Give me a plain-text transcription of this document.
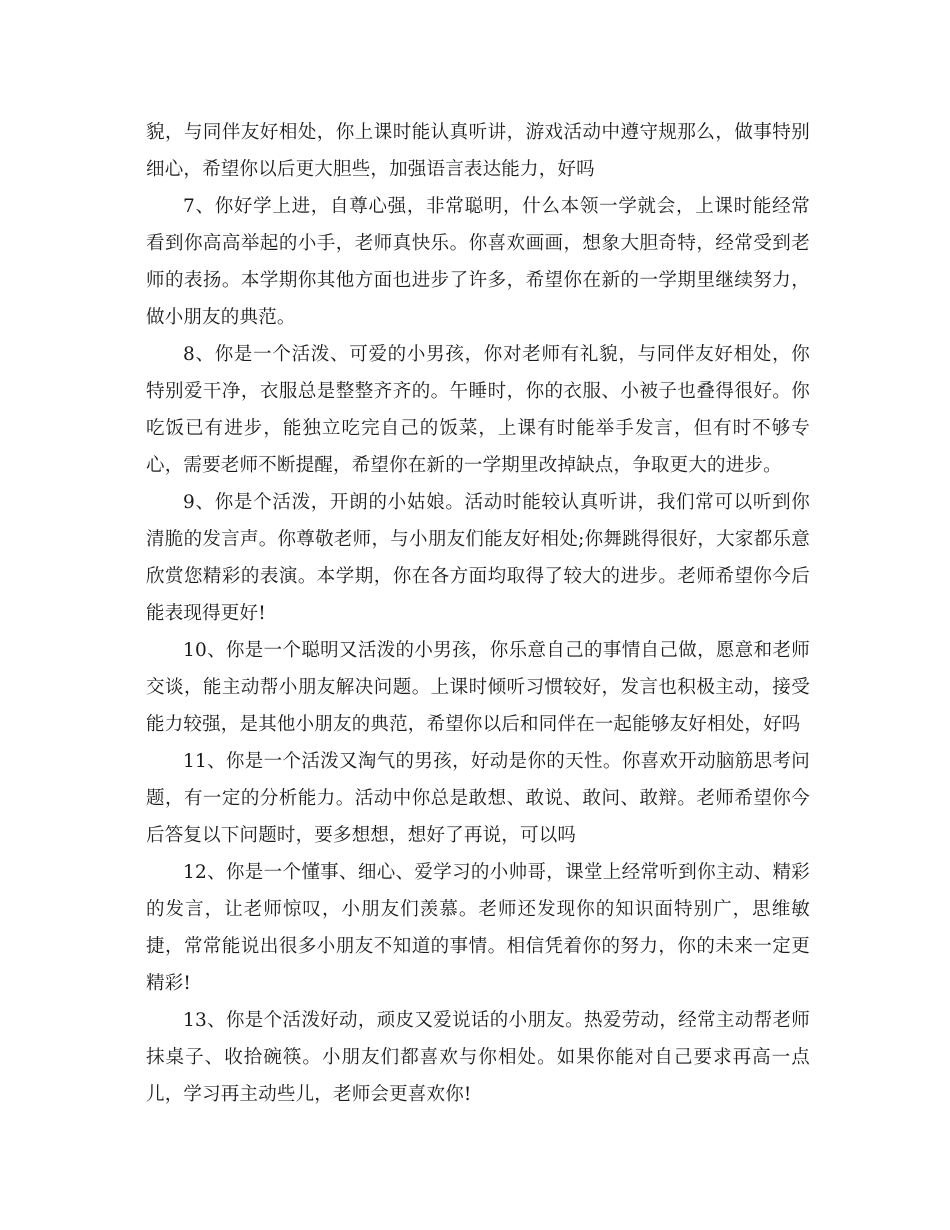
貌，与同伴友好相处，你上课时能认真听讲，游戏活动中遵守规那么，做事特别细心，希望你以后更大胆些，加强语言表达能力，好吗

7、你好学上进，自尊心强，非常聪明，什么本领一学就会，上课时能经常看到你高高举起的小手，老师真快乐。你喜欢画画，想象大胆奇特，经常受到老师的表扬。本学期你其他方面也进步了许多，希望你在新的一学期里继续努力，做小朋友的典范。

8、你是一个活泼、可爱的小男孩，你对老师有礼貌，与同伴友好相处，你特别爱干净，衣服总是整整齐齐的。午睡时，你的衣服、小被子也叠得很好。你吃饭已有进步，能独立吃完自己的饭菜，上课有时能举手发言，但有时不够专心，需要老师不断提醒，希望你在新的一学期里改掉缺点，争取更大的进步。

9、你是个活泼，开朗的小姑娘。活动时能较认真听讲，我们常可以听到你清脆的发言声。你尊敬老师，与小朋友们能友好相处;你舞跳得很好，大家都乐意欣赏您精彩的表演。本学期，你在各方面均取得了较大的进步。老师希望你今后能表现得更好!

10、你是一个聪明又活泼的小男孩，你乐意自己的事情自己做，愿意和老师交谈，能主动帮小朋友解决问题。上课时倾听习惯较好，发言也积极主动，接受能力较强，是其他小朋友的典范，希望你以后和同伴在一起能够友好相处，好吗

11、你是一个活泼又淘气的男孩，好动是你的天性。你喜欢开动脑筋思考问题，有一定的分析能力。活动中你总是敢想、敢说、敢问、敢辩。老师希望你今后答复以下问题时，要多想想，想好了再说，可以吗

12、你是一个懂事、细心、爱学习的小帅哥，课堂上经常听到你主动、精彩的发言，让老师惊叹，小朋友们羡慕。老师还发现你的知识面特别广，思维敏捷，常常能说出很多小朋友不知道的事情。相信凭着你的努力，你的未来一定更精彩!

13、你是个活泼好动，顽皮又爱说话的小朋友。热爱劳动，经常主动帮老师抹桌子、收拾碗筷。小朋友们都喜欢与你相处。如果你能对自己要求再高一点儿，学习再主动些儿，老师会更喜欢你!
